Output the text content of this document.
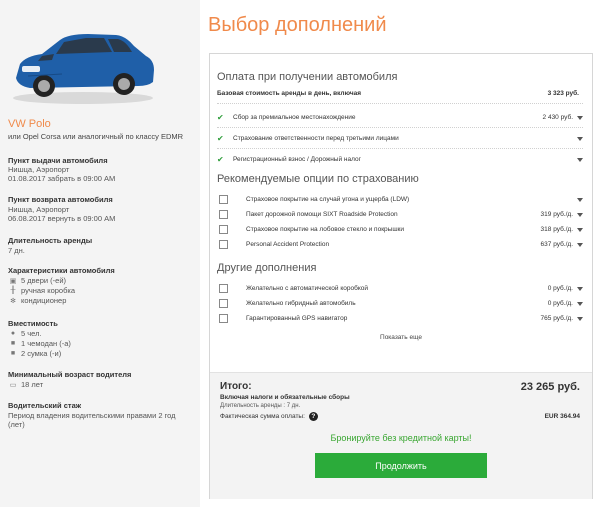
VW Polo
или Opel Corsa или аналогичный по классу EDMR
Пункт выдачи автомобиля
Нишца, Аэропорт
01.08.2017 забрать в 09:00 AM
Пункт возврата автомобиля
Нишца, Аэропорт
06.08.2017 вернуть в 09:00 AM
Длительность аренды
7 дн.
Характеристики автомобиля
▣ 5 двери (-ей)
╫ ручная коробка
✻ кондиционер
Вместимость
● 5 чел.
■ 1 чемодан (-а)
■ 2 сумка (-и)
Минимальный возраст водителя
▭ 18 лет
Водительский стаж
Период владения водительскими правами 2 год (лет)
Выбор дополнений
Оплата при получении автомобиля
Базовая стоимость аренды в день, включая	3 323 руб.
✔	Сбор за премиальное местонахождение	2 430 руб.
✔	Страхование ответственности перед третьими лицами
✔	Регистрационный взнос / Дорожный налог
Рекомендуемые опции по страхованию
Страховое покрытие на случай угона и ущерба (LDW)
Пакет дорожной помощи SIXT Roadside Protection	319 руб./д.
Страховое покрытие на лобовое стекло и покрышки	318 руб./д.
Personal Accident Protection	637 руб./д.
Другие дополнения
Желательно с автоматической коробкой	0 руб./д.
Желательно гибридный автомобиль	0 руб./д.
Гарантированный GPS навигатор	765 руб./д.
Показать еще
Итого:	23 265 руб.
Включая налоги и обязательные сборы
Длительность аренды : 7 дн.
Фактическая сумма оплаты:	?	EUR 364.94
Бронируйте без кредитной карты!
Продолжить
